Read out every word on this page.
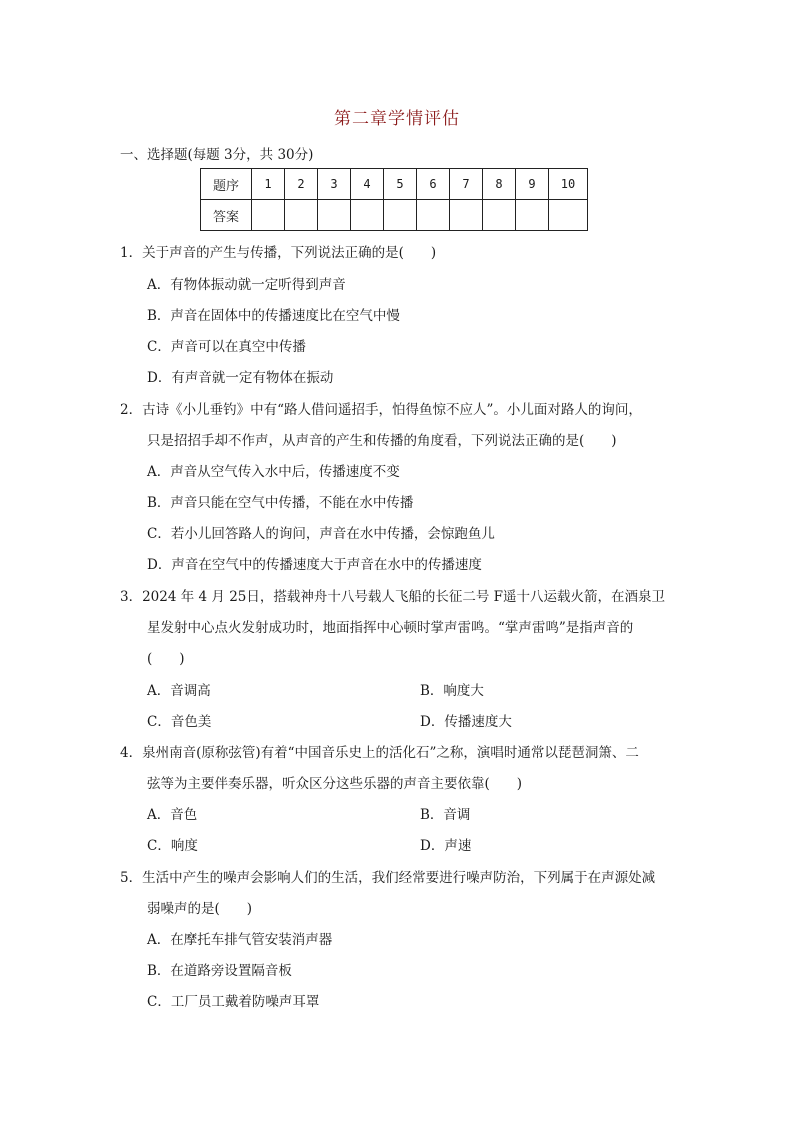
第二章学情评估
一、选择题(每题 3分，共 30分)
题序	1	2	3	4	5	6	7	8	9	10
答案										
1．关于声音的产生与传播，下列说法正确的是(　　)
A．有物体振动就一定听得到声音
B．声音在固体中的传播速度比在空气中慢
C．声音可以在真空中传播
D．有声音就一定有物体在振动
2．古诗《小儿垂钓》中有“路人借问遥招手，怕得鱼惊不应人”。小儿面对路人的询问，
只是招招手却不作声，从声音的产生和传播的角度看，下列说法正确的是(　　)
A．声音从空气传入水中后，传播速度不变
B．声音只能在空气中传播，不能在水中传播
C．若小儿回答路人的询问，声音在水中传播，会惊跑鱼儿
D．声音在空气中的传播速度大于声音在水中的传播速度
3．2024 年 4 月 25日，搭载神舟十八号载人飞船的长征二号 F遥十八运载火箭，在酒泉卫
星发射中心点火发射成功时，地面指挥中心顿时掌声雷鸣。“掌声雷鸣”是指声音的
(　　)
A．音调高	B．响度大
C．音色美	D．传播速度大
4．泉州南音(原称弦管)有着“中国音乐史上的活化石”之称，演唱时通常以琵琶洞箫、二
弦等为主要伴奏乐器，听众区分这些乐器的声音主要依靠(　　)
A．音色	B．音调
C．响度	D．声速
5．生活中产生的噪声会影响人们的生活，我们经常要进行噪声防治，下列属于在声源处减
弱噪声的是(　　)
A．在摩托车排气管安装消声器
B．在道路旁设置隔音板
C．工厂员工戴着防噪声耳罩
